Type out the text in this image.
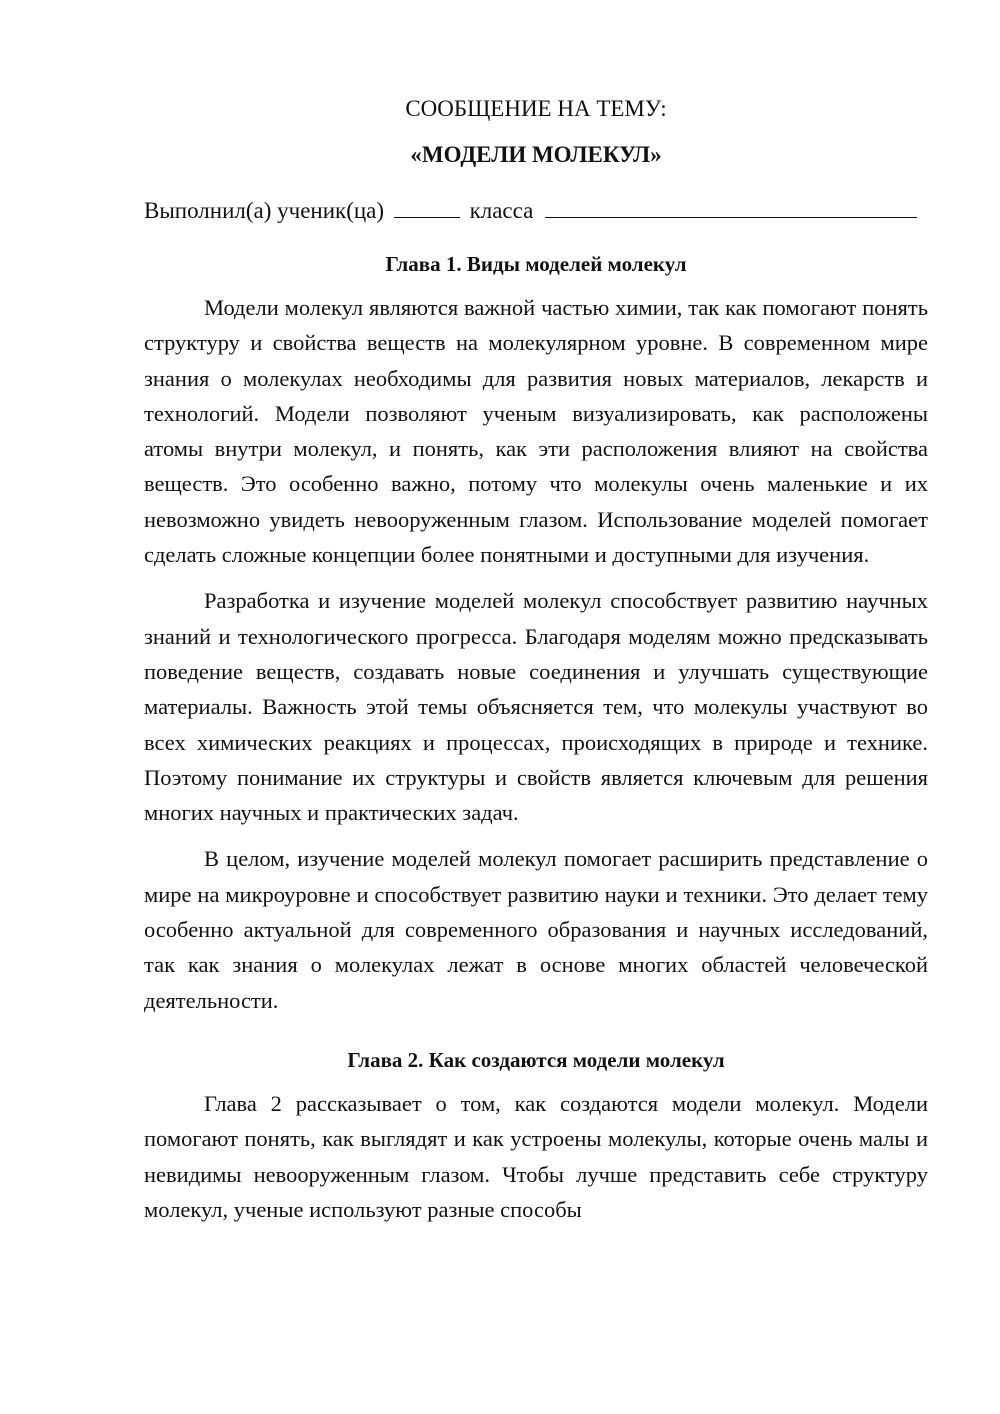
СООБЩЕНИЕ НА ТЕМУ:

«МОДЕЛИ МОЛЕКУЛ»

Выполнил(а) ученик(ца)	класса
Глава 1. Виды моделей молекул

Модели молекул являются важной частью химии, так как помогают понять структуру и свойства веществ на молекулярном уровне. В современном мире знания о молекулах необходимы для развития новых материалов, лекарств и технологий. Модели позволяют ученым визуализировать, как расположены атомы внутри молекул, и понять, как эти расположения влияют на свойства веществ. Это особенно важно, потому что молекулы очень маленькие и их невозможно увидеть невооруженным глазом. Использование моделей помогает сделать сложные концепции более понятными и доступными для изучения.

Разработка и изучение моделей молекул способствует развитию научных знаний и технологического прогресса. Благодаря моделям можно предсказывать поведение веществ, создавать новые соединения и улучшать существующие материалы. Важность этой темы объясняется тем, что молекулы участвуют во всех химических реакциях и процессах, происходящих в природе и технике. Поэтому понимание их структуры и свойств является ключевым для решения многих научных и практических задач.

В целом, изучение моделей молекул помогает расширить представление о мире на микроуровне и способствует развитию науки и техники. Это делает тему особенно актуальной для современного образования и научных исследований, так как знания о молекулах лежат в основе многих областей человеческой деятельности.

Глава 2. Как создаются модели молекул

Глава 2 рассказывает о том, как создаются модели молекул. Модели помогают понять, как выглядят и как устроены молекулы, которые очень малы и невидимы невооруженным глазом. Чтобы лучше представить себе структуру молекул, ученые используют разные способы
